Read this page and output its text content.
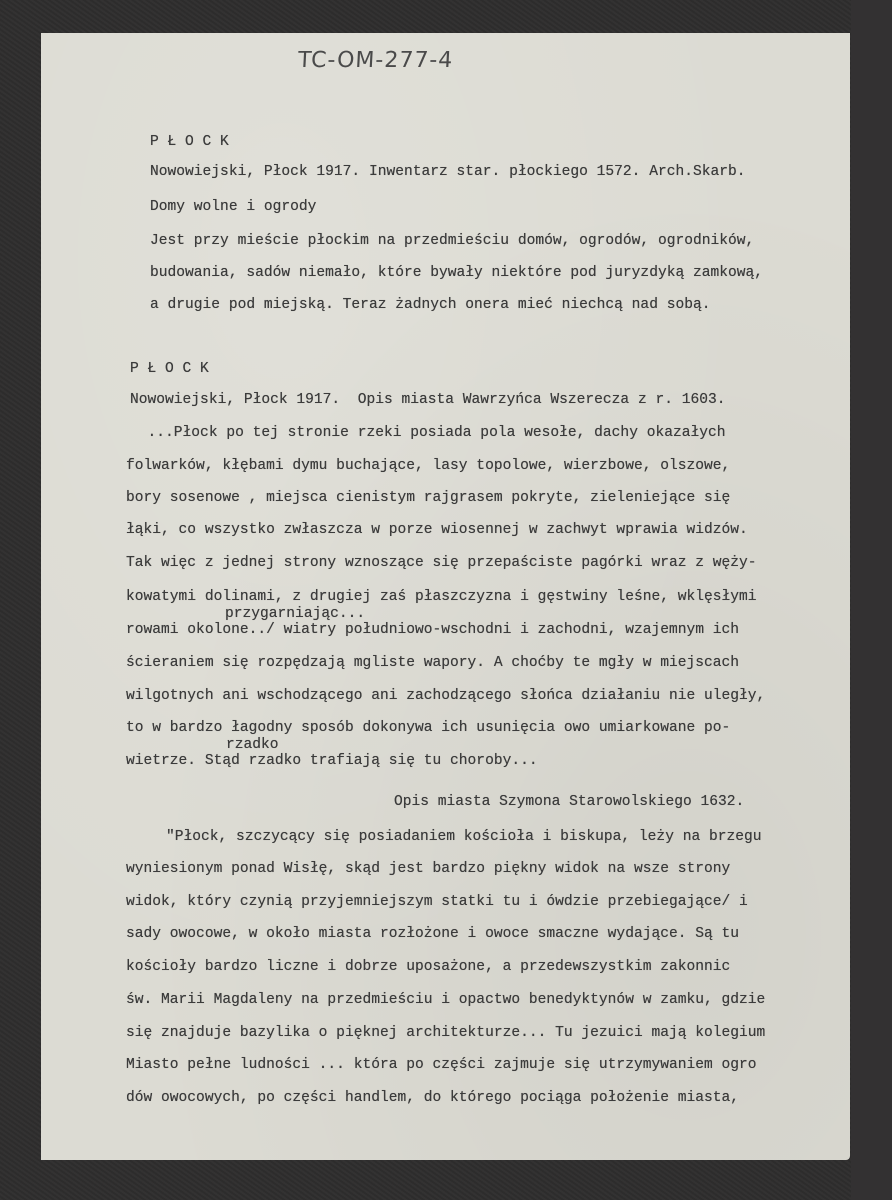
TC-OM-277-4
P Ł O C K
Nowowiejski, Płock 1917. Inwentarz star. płockiego 1572. Arch.Skarb.
Domy wolne i ogrody
Jest przy mieście płockim na przedmieściu domów, ogrodów, ogrodników,
budowania, sadów niemało, które bywały niektóre pod juryzdyką zamkową,
a drugie pod miejską. Teraz żadnych onera mieć niechcą nad sobą.
P Ł O C K
Nowowiejski, Płock 1917.  Opis miasta Wawrzyńca Wszerecza z r. 1603.
...Płock po tej stronie rzeki posiada pola wesołe, dachy okazałych
folwarków, kłębami dymu buchające, lasy topolowe, wierzbowe, olszowe,
bory sosenowe , miejsca cienistym rajgrasem pokryte, zieleniejące się
łąki, co wszystko zwłaszcza w porze wiosennej w zachwyt wprawia widzów.
Tak więc z jednej strony wznoszące się przepaściste pagórki wraz z węży-
kowatymi dolinami, z drugiej zaś płaszczyzna i gęstwiny leśne, wklęsłymi
przygarniając...
rowami okolone../ wiatry południowo-wschodni i zachodni, wzajemnym ich
ścieraniem się rozpędzają mgliste wapory. A choćby te mgły w miejscach
wilgotnych ani wschodzącego ani zachodzącego słońca działaniu nie uległy,
to w bardzo łagodny sposób dokonywa ich usunięcia owo umiarkowane po-
rzadko
wietrze. Stąd rzadko trafiają się tu choroby...
Opis miasta Szymona Starowolskiego 1632.
"Płock, szczycący się posiadaniem kościoła i biskupa, leży na brzegu
wyniesionym ponad Wisłę, skąd jest bardzo piękny widok na wsze strony
widok, który czynią przyjemniejszym statki tu i ówdzie przebiegające/ i
sady owocowe, w około miasta rozłożone i owoce smaczne wydające. Są tu
kościoły bardzo liczne i dobrze uposażone, a przedewszystkim zakonnic
św. Marii Magdaleny na przedmieściu i opactwo benedyktynów w zamku, gdzie
się znajduje bazylika o pięknej architekturze... Tu jezuici mają kolegium
Miasto pełne ludności ... która po części zajmuje się utrzymywaniem ogro
dów owocowych, po części handlem, do którego pociąga położenie miasta,
